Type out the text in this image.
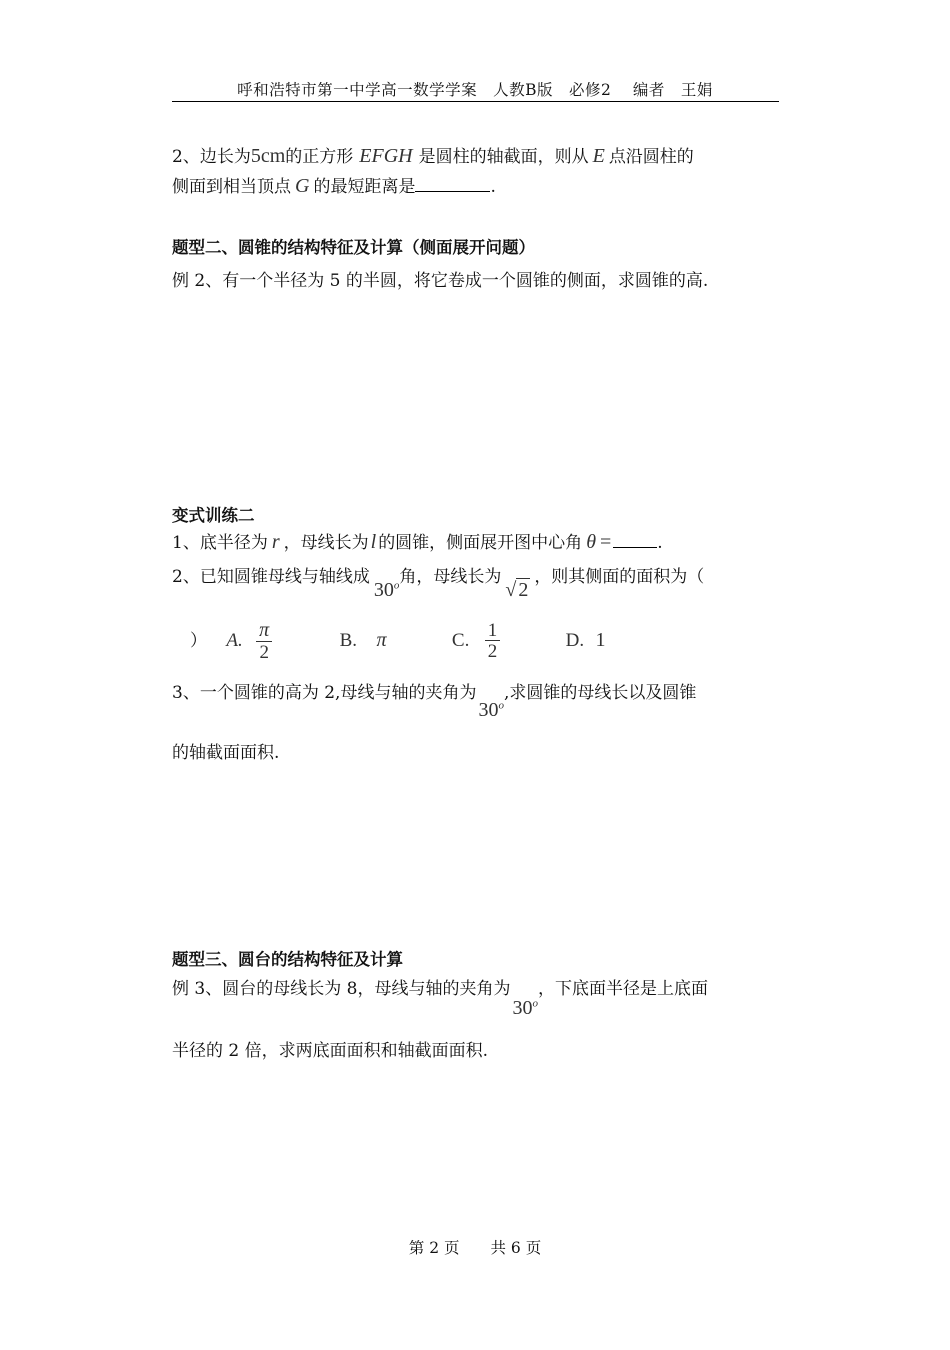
呼和浩特市第一中学高一数学学案　人教B版　必修2　 编者　王娟
2、边长为5cm的正方形 EFGH 是圆柱的轴截面，则从 E 点沿圆柱的
侧面到相当顶点 G 的最短距离是	.
题型二、圆锥的结构特征及计算（侧面展开问题）
例 2、有一个半径为 5 的半圆，将它卷成一个圆锥的侧面，求圆锥的高.
变式训练二
1、底半径为 r ，母线长为 l 的圆锥，侧面展开图中心角 θ =	.
2、已知圆锥母线与轴线成30$^o$角，母线长为√ 2，则其侧面的面积为（
） A. $\frac{\pi}{2}$	B. π	C. $\frac{1}{2}$	D. 1
3、一个圆锥的高为 2,母线与轴的夹角为30$^o$,求圆锥的母线长以及圆锥
的轴截面面积.
题型三、圆台的结构特征及计算
例 3、圆台的母线长为 8，母线与轴的夹角为30$^o$，下底面半径是上底面
半径的 2 倍，求两底面面积和轴截面面积.
第 2 页　　共 6 页
